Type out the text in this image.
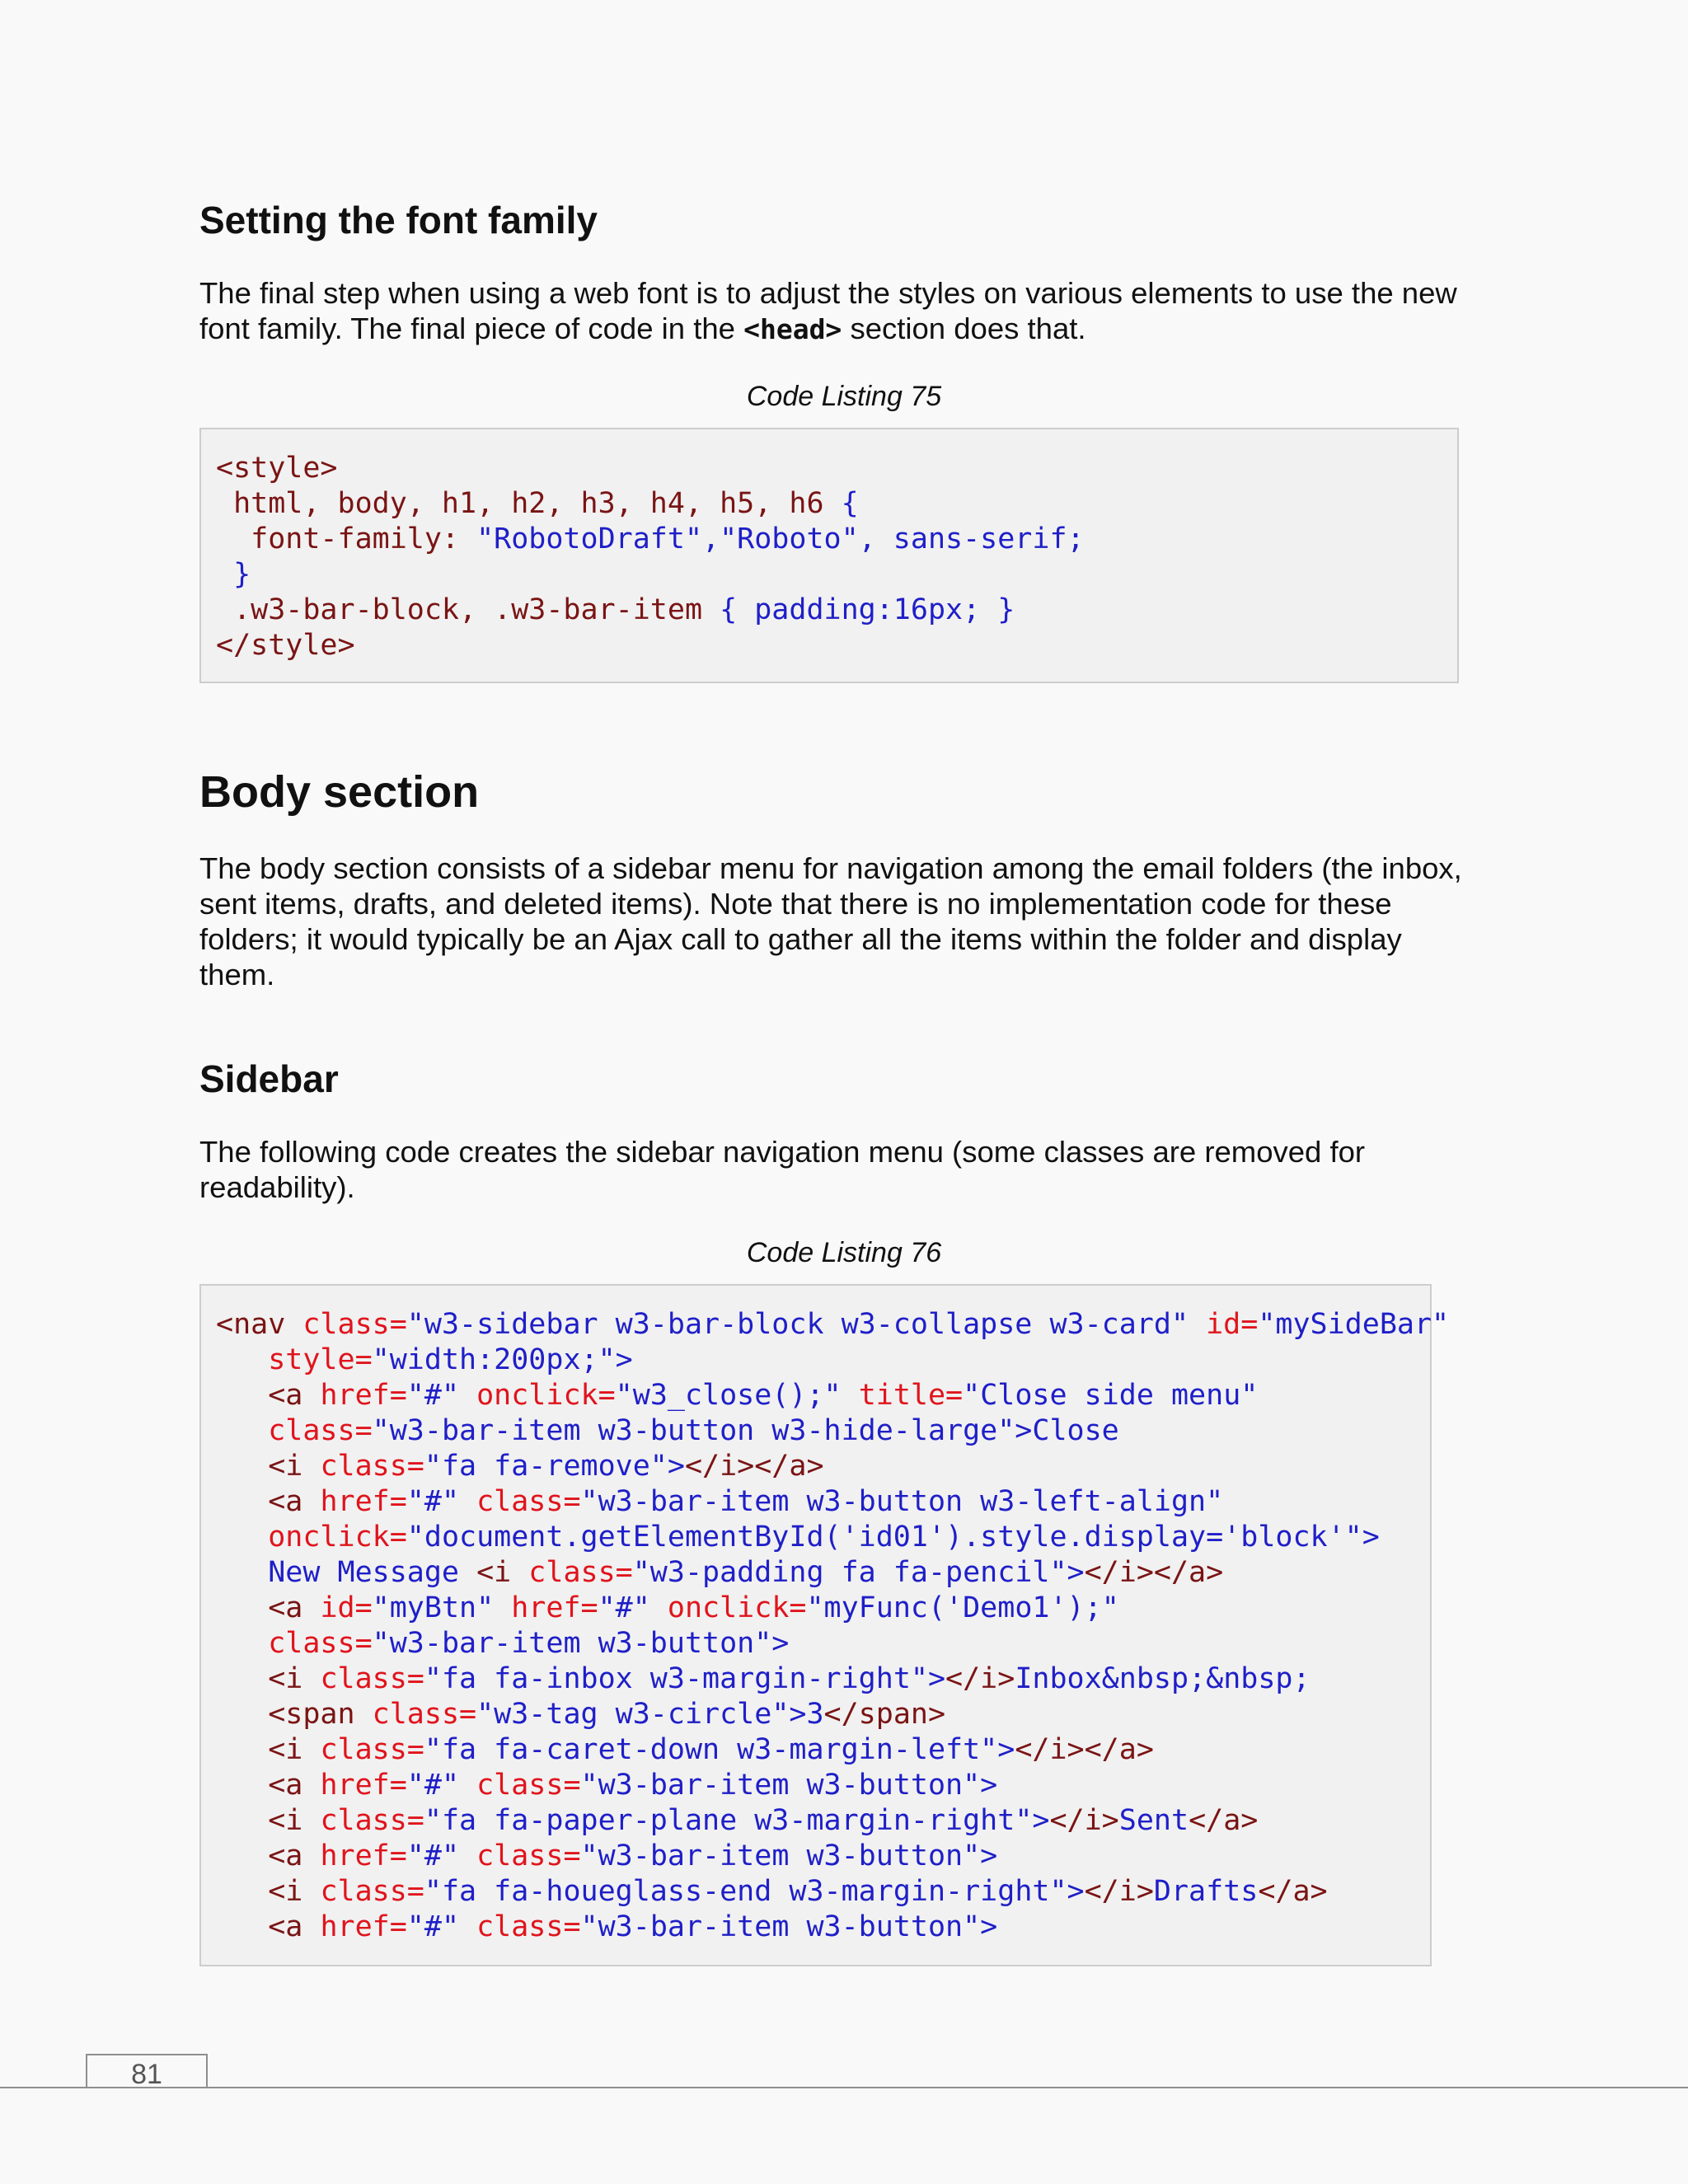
Setting the font family

The final step when using a web font is to adjust the styles on various elements to use the new
font family. The final piece of code in the <head> section does that.

Code Listing 75

<style>
html, body, h1, h2, h3, h4, h5, h6 {
font-family: "RobotoDraft","Roboto", sans-serif;
}
.w3-bar-block, .w3-bar-item { padding:16px; }
</style>
Body section

The body section consists of a sidebar menu for navigation among the email folders (the inbox,
sent items, drafts, and deleted items). Note that there is no implementation code for these
folders; it would typically be an Ajax call to gather all the items within the folder and display
them.

Sidebar

The following code creates the sidebar navigation menu (some classes are removed for
readability).

Code Listing 76

<nav class="w3-sidebar w3-bar-block w3-collapse w3-card" id="mySideBar"
style="width:200px;">
<a href="#" onclick="w3_close();" title="Close side menu"
class="w3-bar-item w3-button w3-hide-large">Close
<i class="fa fa-remove"></i></a>
<a href="#" class="w3-bar-item w3-button w3-left-align"
onclick="document.getElementById('id01').style.display='block'">
New Message <i class="w3-padding fa fa-pencil"></i></a>
<a id="myBtn" href="#" onclick="myFunc('Demo1');"
class="w3-bar-item w3-button">
<i class="fa fa-inbox w3-margin-right"></i>Inbox&nbsp;&nbsp;
<span class="w3-tag w3-circle">3</span>
<i class="fa fa-caret-down w3-margin-left"></i></a>
<a href="#" class="w3-bar-item w3-button">
<i class="fa fa-paper-plane w3-margin-right"></i>Sent</a>
<a href="#" class="w3-bar-item w3-button">
<i class="fa fa-houeglass-end w3-margin-right"></i>Drafts</a>
<a href="#" class="w3-bar-item w3-button">
81
